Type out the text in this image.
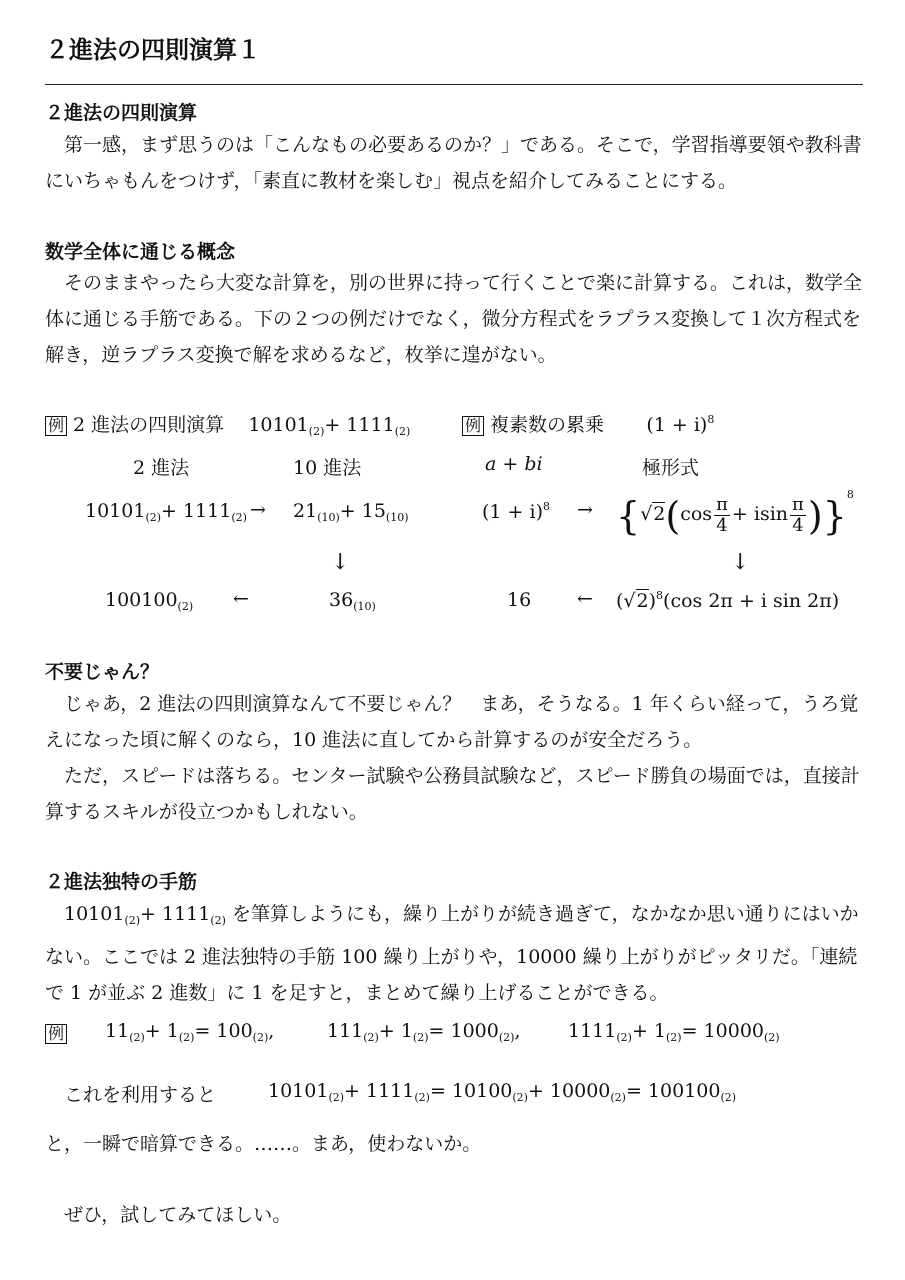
２進法の四則演算１
２進法の四則演算
第一感，まず思うのは「こんなもの必要あるのか？」である。そこで，学習指導要領や教科書にいちゃもんをつけず，「素直に教材を楽しむ」視点を紹介してみることにする。
数学全体に通じる概念
そのままやったら大変な計算を，別の世界に持って行くことで楽に計算する。これは，数学全体に通じる手筋である。下の２つの例だけでなく，微分方程式をラプラス変換して１次方程式を解き，逆ラプラス変換で解を求めるなど，枚挙に遑がない。
例 2 進法の四則演算 $10101_{(2)}+ 1111_{(2)}$	例 複素数の累乗 $(1 + i)^8$
2 進法	10 進法	a + bi	極形式
$10101_{(2)}+ 1111_{(2)} \to 21_{(10)}+ 15_{(10)}$	$(1 + i)^8 \to \{√2(\cos \frac{\pi}{4} + isin \frac{\pi}{4} )\}^8$
↓	↓
$100100_{(2)}$ ←	$36_{(10)}$	16 ← $(√2)^8(\cos$ 2π + i sin 2π)
不要じゃん？
じゃあ，2 進法の四則演算なんて不要じゃん？　まあ，そうなる。1 年くらい経って，うろ覚えになった頃に解くのなら，10 進法に直してから計算するのが安全だろう。
ただ，スピードは落ちる。センター試験や公務員試験など，スピード勝負の場面では，直接計算するスキルが役立つかもしれない。
２進法独特の手筋
$10101_{(2)}+ 1111_{(2)}$ を筆算しようにも，繰り上がりが続き過ぎて，なかなか思い通りにはいかない。ここでは 2 進法独特の手筋 100 繰り上がりや，10000 繰り上がりがピッタリだ。「連続で 1 が並ぶ 2 進数」に 1 を足すと，まとめて繰り上げることができる。
例	$11_{(2)}+ 1_{(2)}= 100_{(2)}$,	$111_{(2)}+ 1_{(2)}= 1000_{(2)}$,	$1111_{(2)}+ 1_{(2)}= 10000_{(2)}$
これを利用すると	$10101_{(2)}+ 1111_{(2)}= 10100_{(2)}+ 10000_{(2)}= 100100_{(2)}$
と，一瞬で暗算できる。……。まあ，使わないか。
ぜひ，試してみてほしい。
